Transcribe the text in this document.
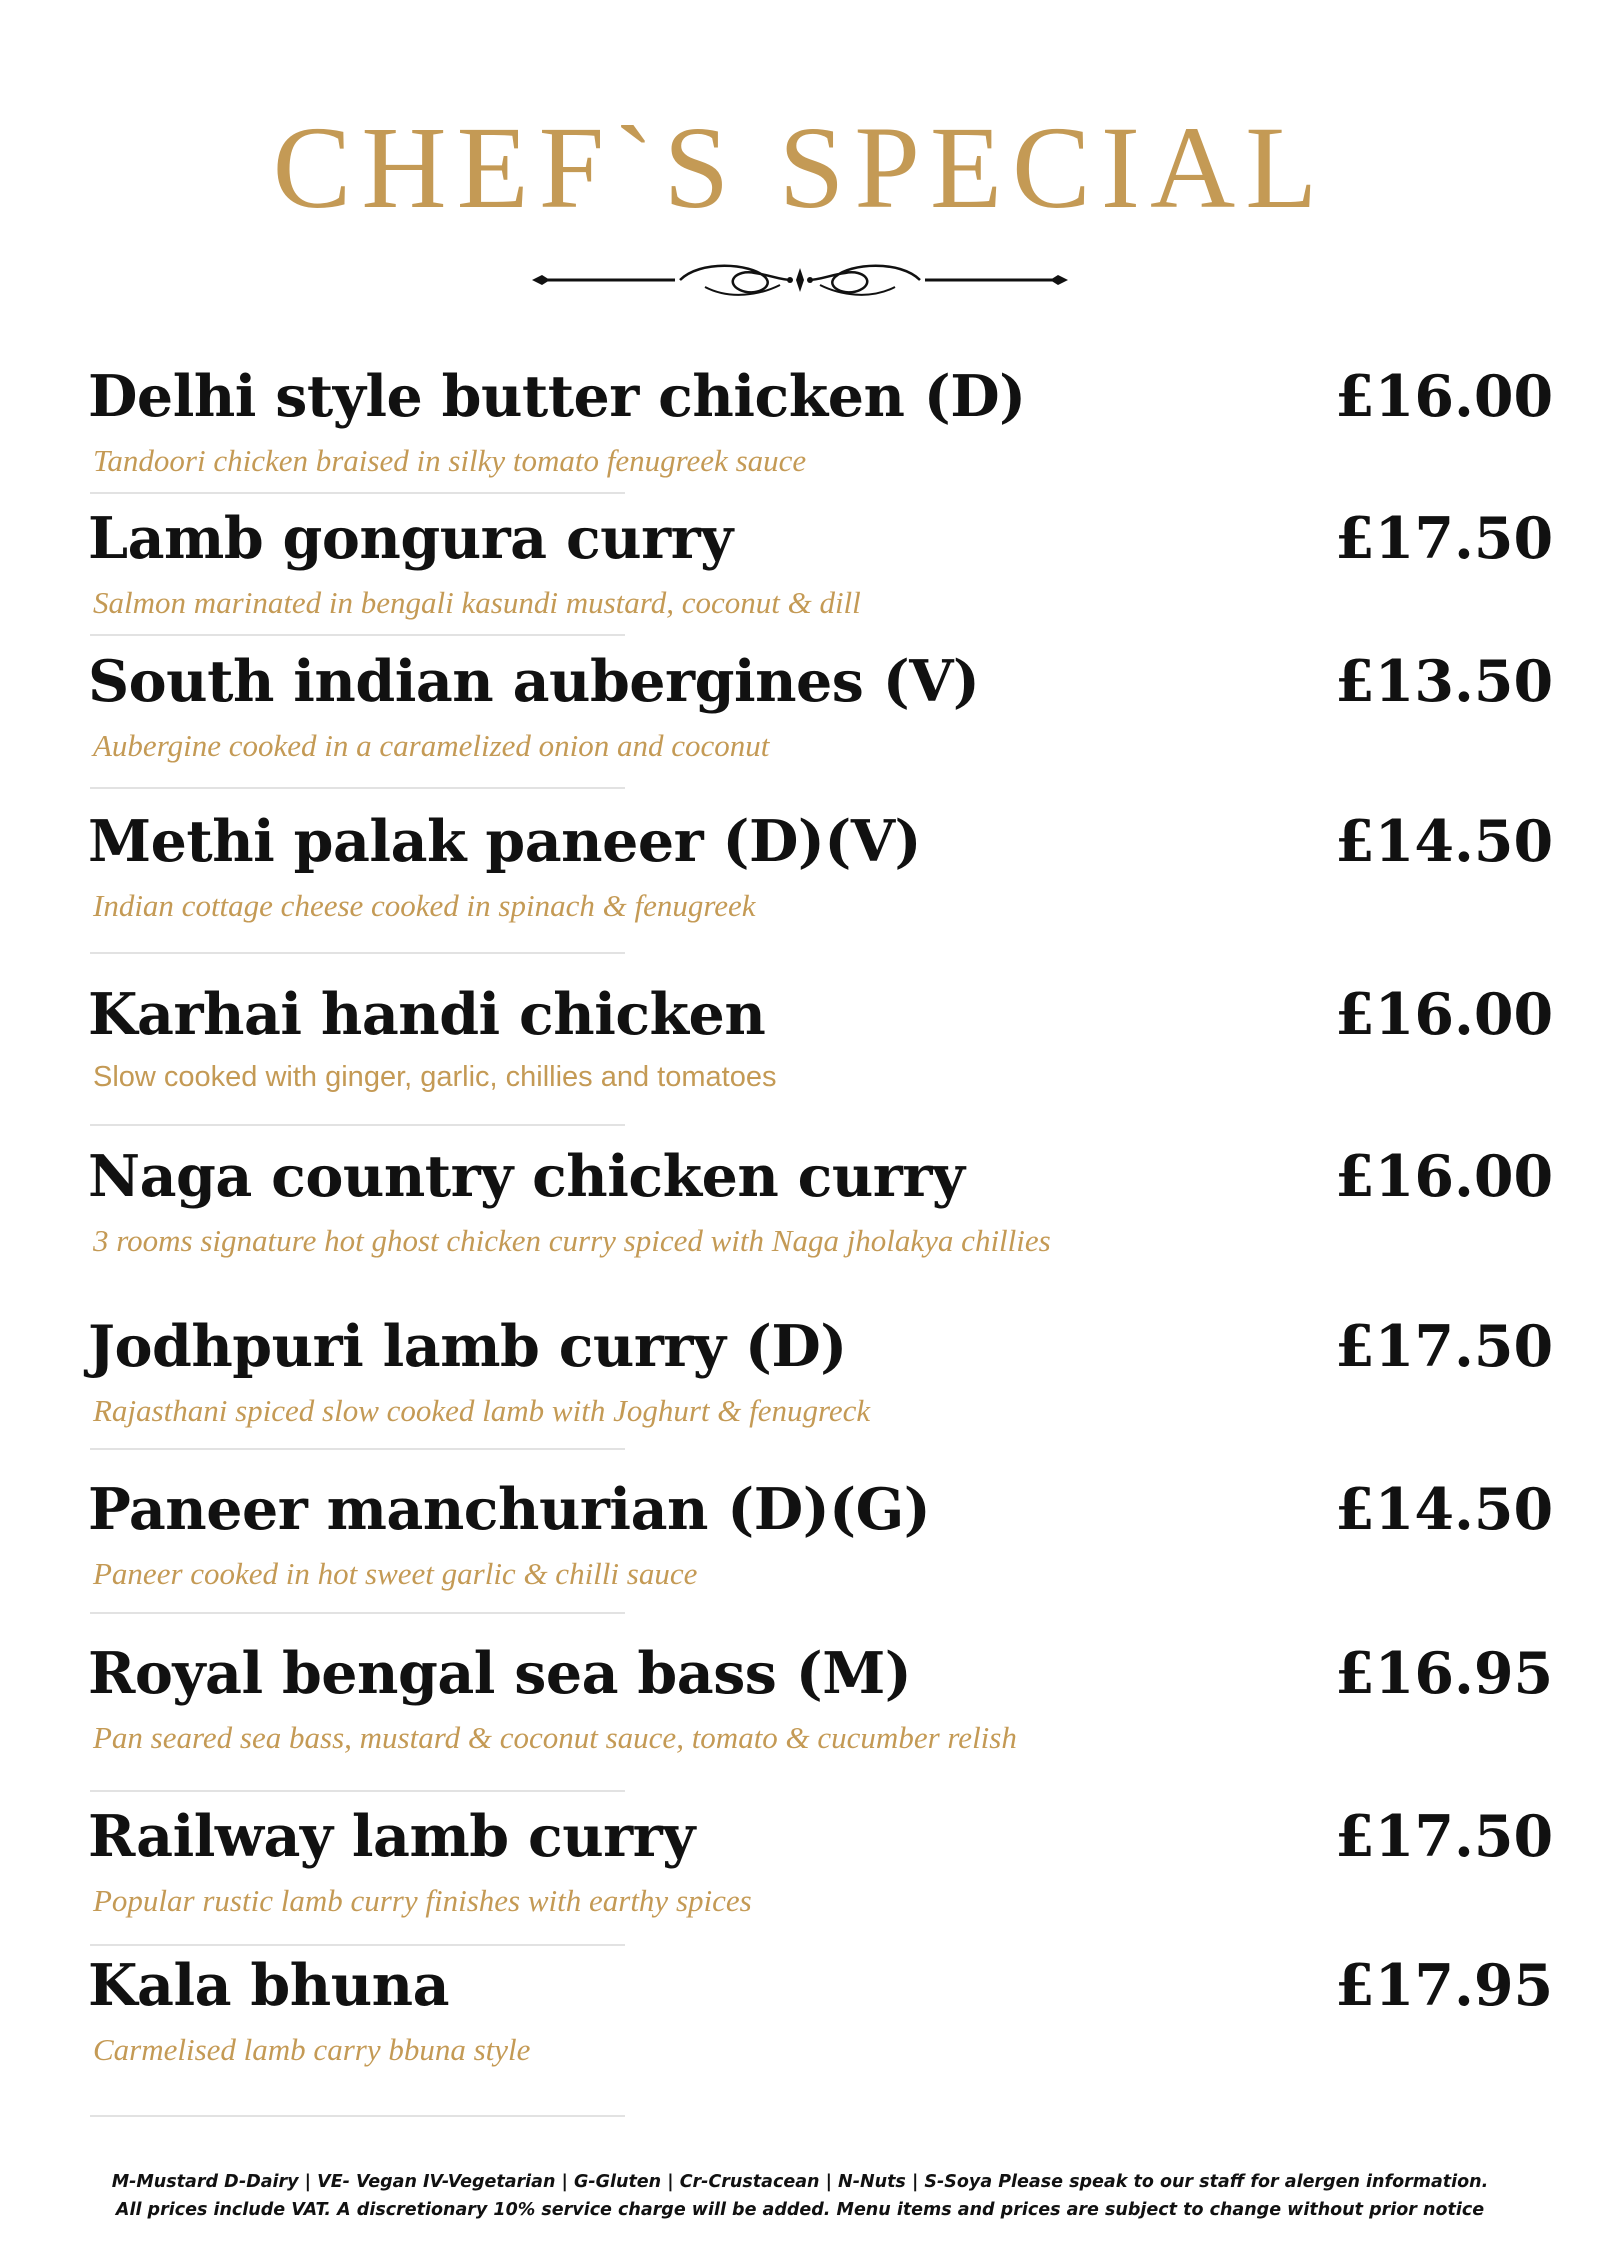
CHEF`S SPECIAL
Delhi style butter chicken (D)	£16.00
Tandoori chicken braised in silky tomato fenugreek sauce
Lamb gongura curry	£17.50
Salmon marinated in bengali kasundi mustard, coconut & dill
South indian aubergines (V)	£13.50
Aubergine cooked in a caramelized onion and coconut
Methi palak paneer (D)(V)	£14.50
Indian cottage cheese cooked in spinach & fenugreek
Karhai handi chicken	£16.00
Slow cooked with ginger, garlic, chillies and tomatoes
Naga country chicken curry	£16.00
3 rooms signature hot ghost chicken curry spiced with Naga jholakya chillies
Jodhpuri lamb curry (D)	£17.50
Rajasthani spiced slow cooked lamb with Joghurt & fenugreck
Paneer manchurian (D)(G)	£14.50
Paneer cooked in hot sweet garlic & chilli sauce
Royal bengal sea bass (M)	£16.95
Pan seared sea bass, mustard & coconut sauce, tomato & cucumber relish
Railway lamb curry	£17.50
Popular rustic lamb curry finishes with earthy spices
Kala bhuna	£17.95
Carmelised lamb carry bbuna style
M-Mustard D-Dairy | VE- Vegan IV-Vegetarian | G-Gluten | Cr-Crustacean | N-Nuts | S-Soya Please speak to our staff for alergen information.
All prices include VAT. A discretionary 10% service charge will be added. Menu items and prices are subject to change without prior notice
